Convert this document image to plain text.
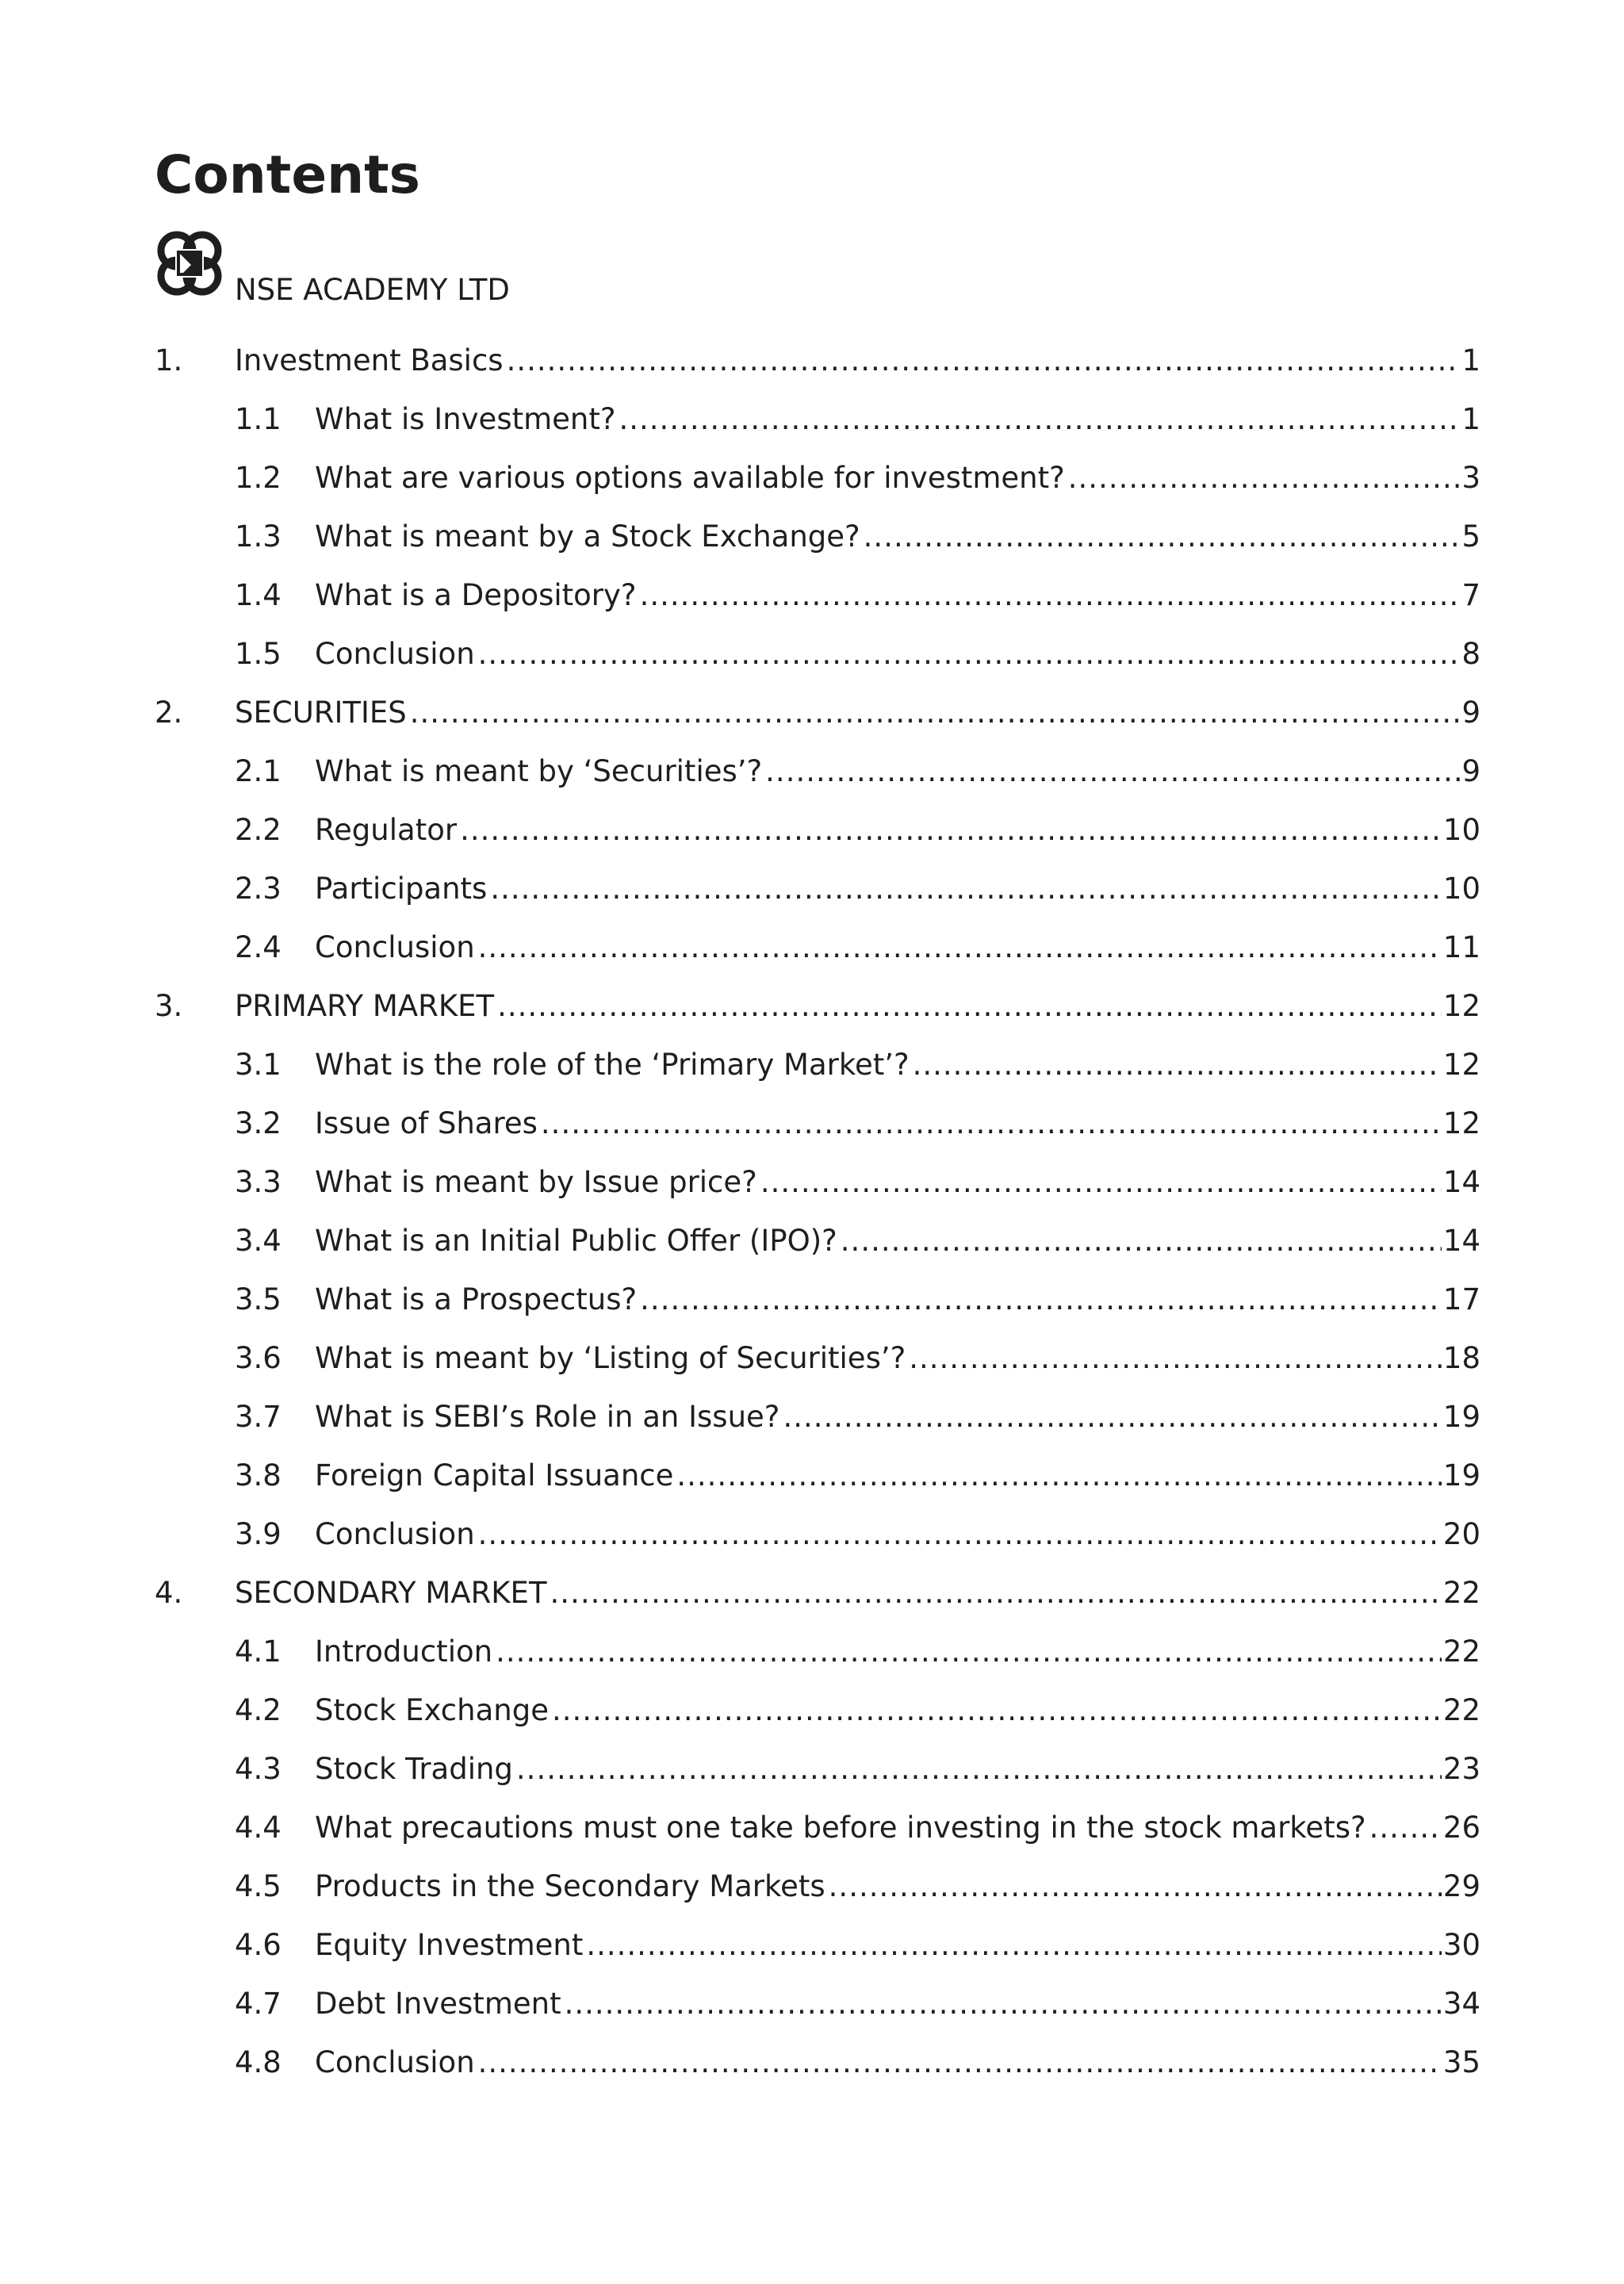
Contents
NSE ACADEMY LTD
1.	Investment Basics .....	1
1.1	What is Investment? .....	1
1.2	What are various options available for investment? .....	3
1.3	What is meant by a Stock Exchange? .....	5
1.4	What is a Depository? .....	7
1.5	Conclusion .....	8
2.	SECURITIES .....	9
2.1	What is meant by ‘Securities’? .....	9
2.2	Regulator .....	10
2.3	Participants .....	10
2.4	Conclusion .....	11
3.	PRIMARY MARKET .....	12
3.1	What is the role of the ‘Primary Market’? .....	12
3.2	Issue of Shares .....	12
3.3	What is meant by Issue price? .....	14
3.4	What is an Initial Public Offer (IPO)? .....	14
3.5	What is a Prospectus? .....	17
3.6	What is meant by ‘Listing of Securities’? .....	18
3.7	What is SEBI’s Role in an Issue? .....	19
3.8	Foreign Capital Issuance .....	19
3.9	Conclusion .....	20
4.	SECONDARY MARKET .....	22
4.1	Introduction .....	22
4.2	Stock Exchange .....	22
4.3	Stock Trading .....	23
4.4	What precautions must one take before investing in the stock markets? .....	26
4.5	Products in the Secondary Markets .....	29
4.6	Equity Investment .....	30
4.7	Debt Investment .....	34
4.8	Conclusion .....	35
